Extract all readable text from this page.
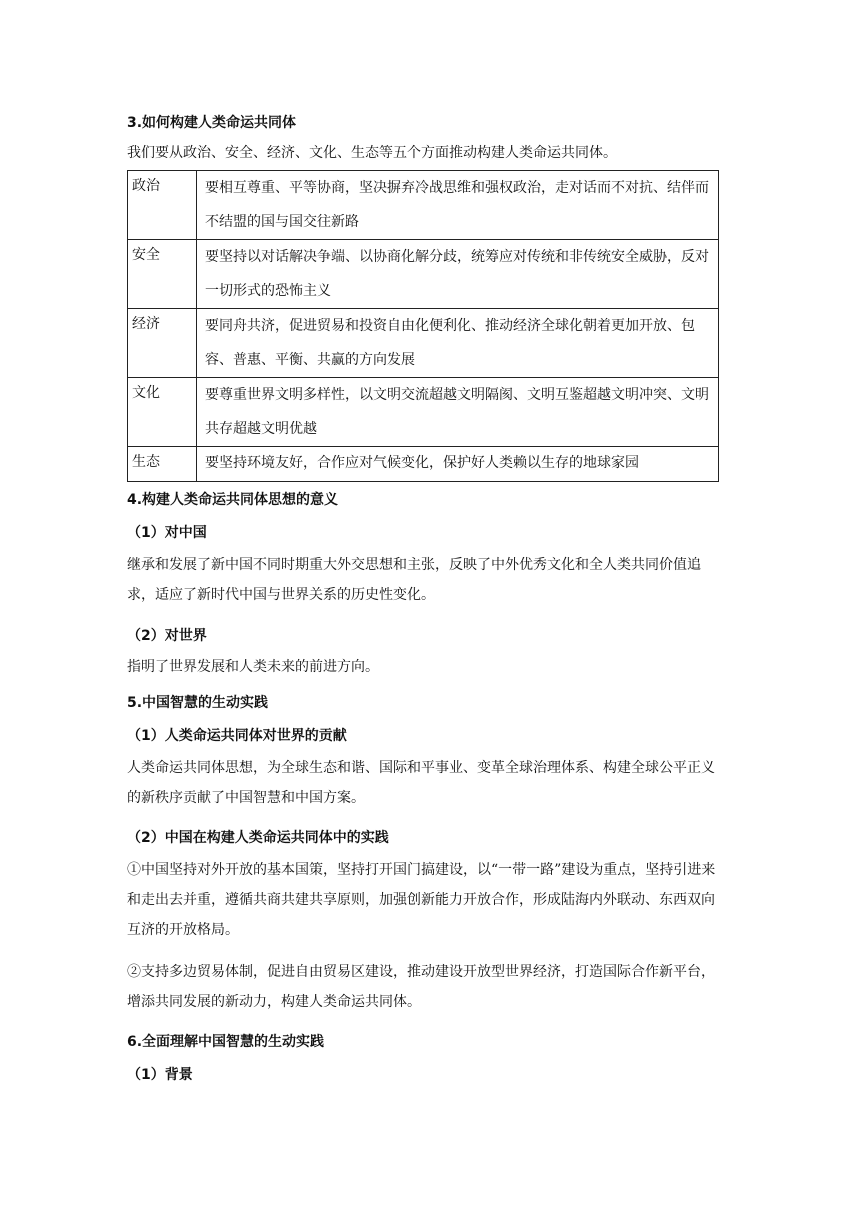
3.如何构建人类命运共同体
我们要从政治、安全、经济、文化、生态等五个方面推动构建人类命运共同体。
政治	要相互尊重、平等协商，坚决摒弃冷战思维和强权政治，走对话而不对抗、结伴而不结盟的国与国交往新路
安全	要坚持以对话解决争端、以协商化解分歧，统筹应对传统和非传统安全威胁，反对一切形式的恐怖主义
经济	要同舟共济，促进贸易和投资自由化便利化、推动经济全球化朝着更加开放、包容、普惠、平衡、共赢的方向发展
文化	要尊重世界文明多样性，以文明交流超越文明隔阂、文明互鉴超越文明冲突、文明共存超越文明优越
生态	要坚持环境友好，合作应对气候变化，保护好人类赖以生存的地球家园
4.构建人类命运共同体思想的意义
（1）对中国
继承和发展了新中国不同时期重大外交思想和主张，反映了中外优秀文化和全人类共同价值追求，适应了新时代中国与世界关系的历史性变化。
（2）对世界
指明了世界发展和人类未来的前进方向。
5.中国智慧的生动实践
（1）人类命运共同体对世界的贡献
人类命运共同体思想，为全球生态和谐、国际和平事业、变革全球治理体系、构建全球公平正义的新秩序贡献了中国智慧和中国方案。
（2）中国在构建人类命运共同体中的实践
①中国坚持对外开放的基本国策，坚持打开国门搞建设，以“一带一路”建设为重点，坚持引进来和走出去并重，遵循共商共建共享原则，加强创新能力开放合作，形成陆海内外联动、东西双向互济的开放格局。
②支持多边贸易体制，促进自由贸易区建设，推动建设开放型世界经济，打造国际合作新平台，增添共同发展的新动力，构建人类命运共同体。
6.全面理解中国智慧的生动实践
（1）背景
